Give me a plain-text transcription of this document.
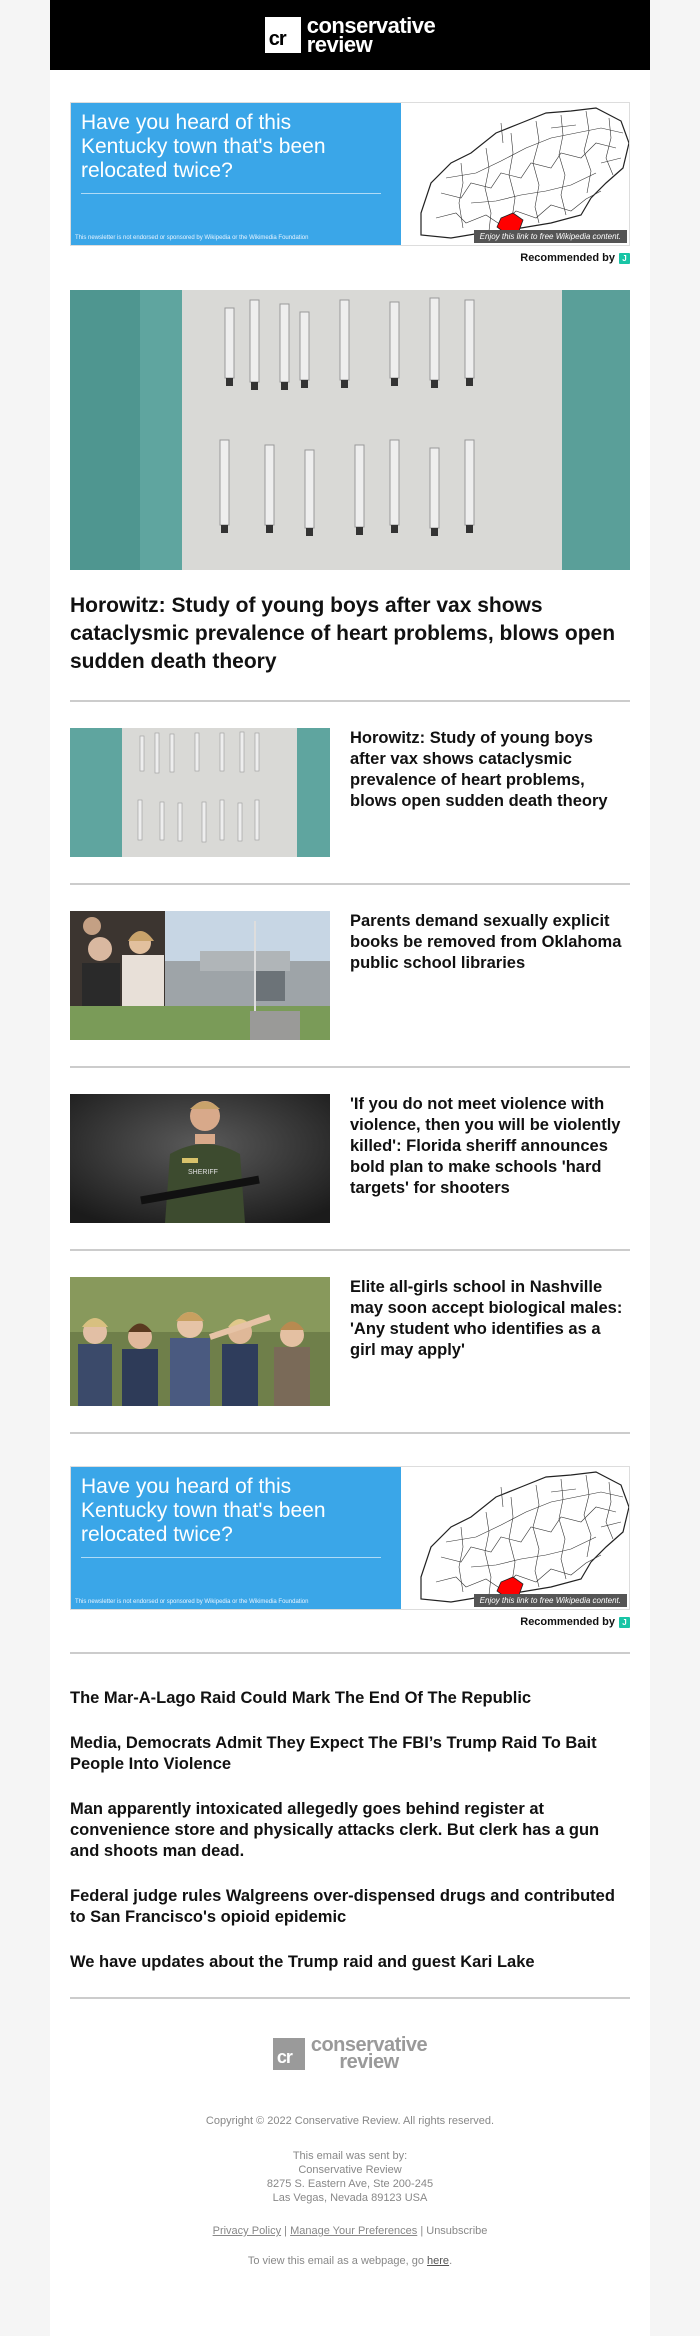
cr
conservative
review
Have you heard of this Kentucky town that's been relocated twice?
This newsletter is not endorsed or sponsored by Wikipedia or the Wikimedia Foundation	Enjoy this link to free Wikipedia content.
Recommended by J
Horowitz: Study of young boys after vax shows cataclysmic prevalence of heart problems, blows open sudden death theory
Horowitz: Study of young boys after vax shows cataclysmic prevalence of heart problems, blows open sudden death theory
Parents demand sexually explicit books be removed from Oklahoma public school libraries
SHERIFF
'If you do not meet violence with violence, then you will be violently killed': Florida sheriff announces bold plan to make schools 'hard targets' for shooters
Elite all-girls school in Nashville may soon accept biological males: 'Any student who identifies as a girl may apply'
Have you heard of this Kentucky town that's been relocated twice?
This newsletter is not endorsed or sponsored by Wikipedia or the Wikimedia Foundation	Enjoy this link to free Wikipedia content.
Recommended by J
The Mar-A-Lago Raid Could Mark The End Of The Republic
Media, Democrats Admit They Expect The FBI’s Trump Raid To Bait People Into Violence
Man apparently intoxicated allegedly goes behind register at convenience store and physically attacks clerk. But clerk has a gun and shoots man dead.
Federal judge rules Walgreens over-dispensed drugs and contributed to San Francisco's opioid epidemic
We have updates about the Trump raid and guest Kari Lake
cr
conservative
review
Copyright © 2022 Conservative Review. All rights reserved.
This email was sent by:
Conservative Review
8275 S. Eastern Ave, Ste 200-245
Las Vegas, Nevada 89123 USA
Privacy Policy | Manage Your Preferences | Unsubscribe
To view this email as a webpage, go here.
